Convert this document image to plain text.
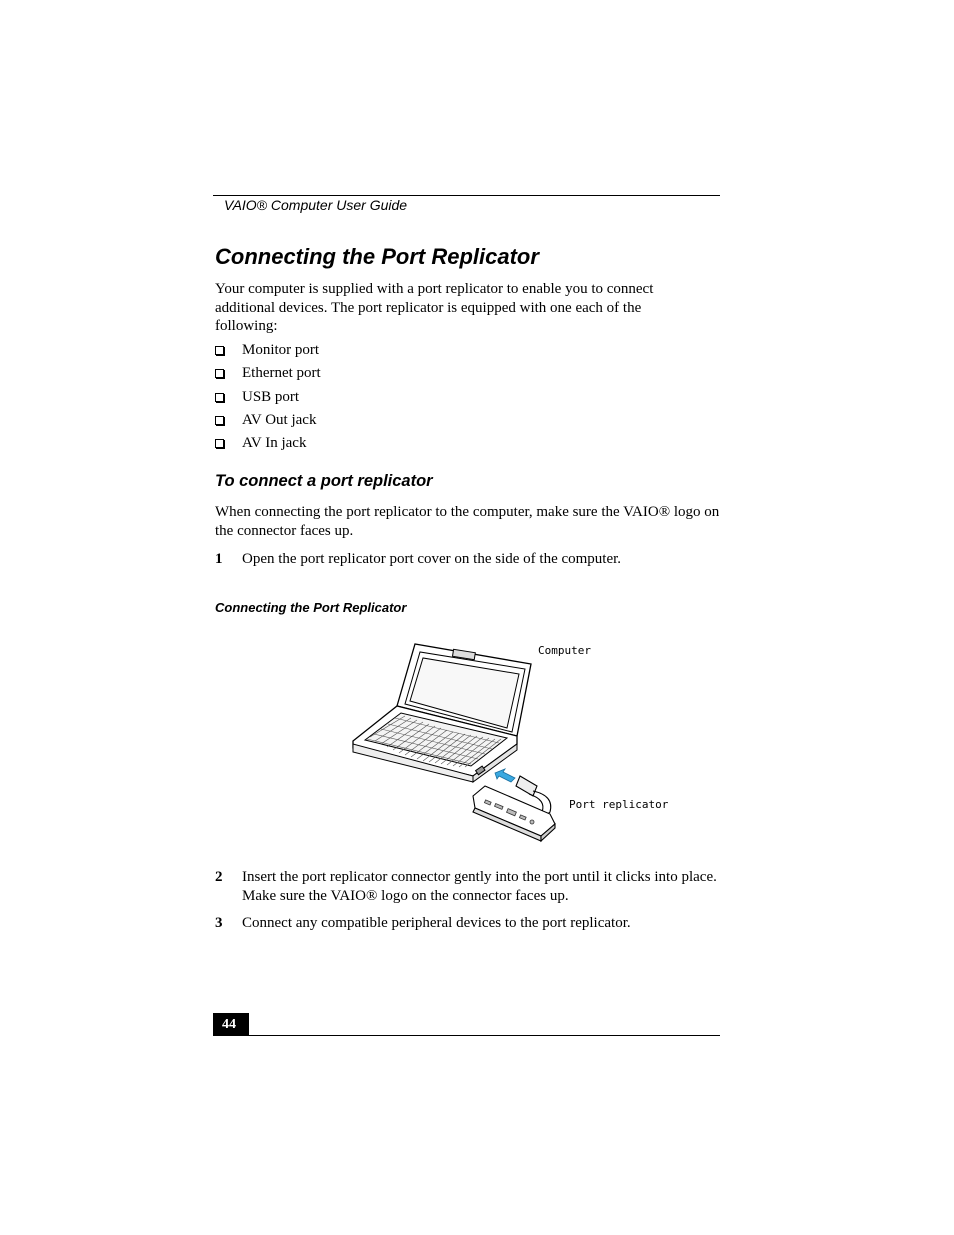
VAIO® Computer User Guide
Connecting the Port Replicator

Your computer is supplied with a port replicator to enable you to connect additional devices. The port replicator is equipped with one each of the following:

Monitor port
Ethernet port
USB port
AV Out jack
AV In jack
To connect a port replicator

When connecting the port replicator to the computer, make sure the VAIO® logo on the connector faces up.

1 Open the port replicator port cover on the side of the computer.
Connecting the Port Replicator
Computer
Port replicator
2 Insert the port replicator connector gently into the port until it clicks into place. Make sure the VAIO® logo on the connector faces up.
3 Connect any compatible peripheral devices to the port replicator.
44
